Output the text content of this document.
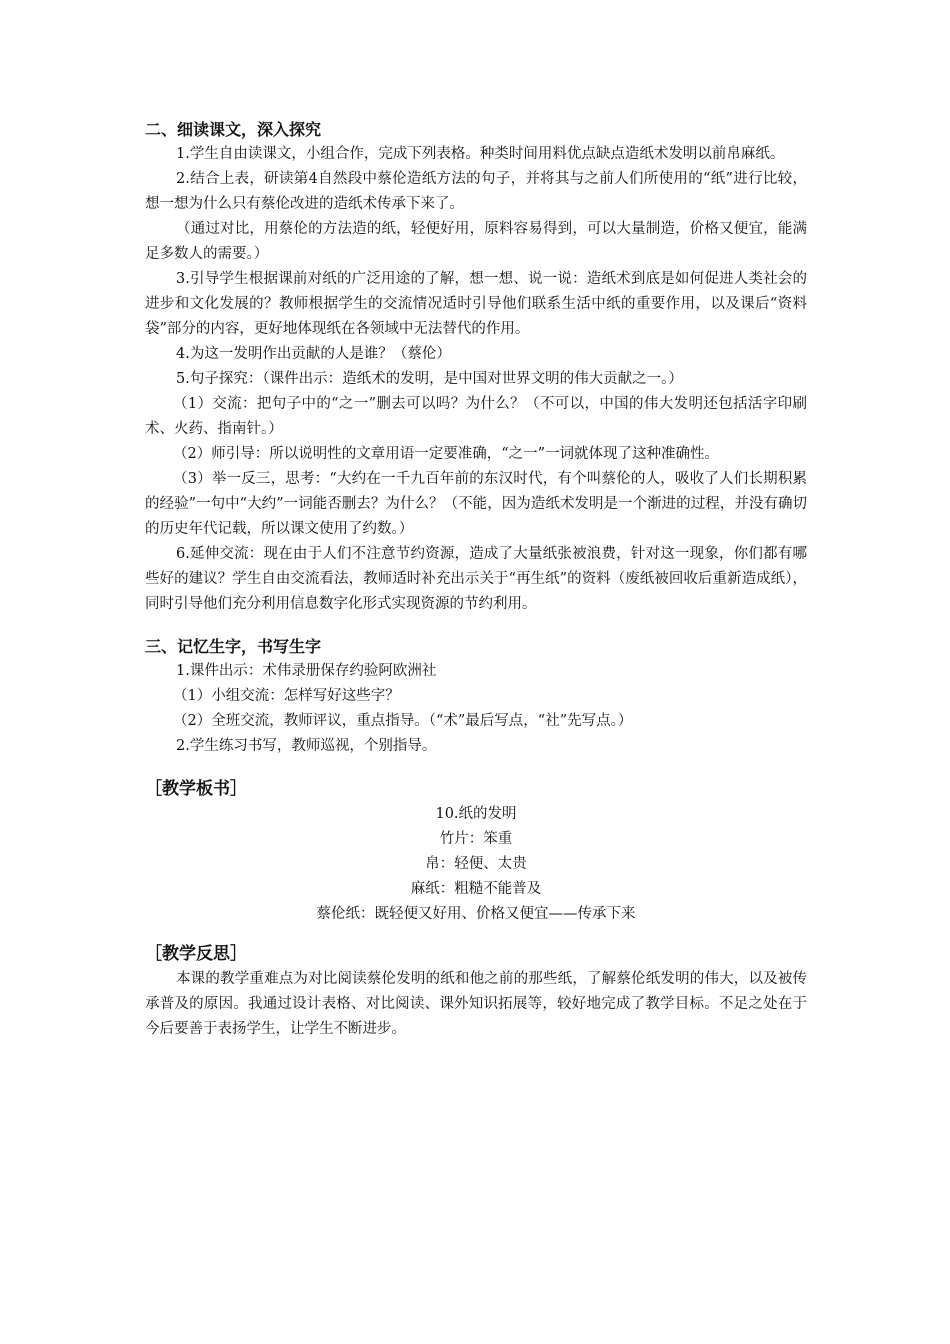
二、细读课文，深入探究

1.学生自由读课文，小组合作，完成下列表格。种类时间用料优点缺点造纸术发明以前帛麻纸。

2.结合上表，研读第4自然段中蔡伦造纸方法的句子，并将其与之前人们所使用的“纸”进行比较，想一想为什么只有蔡伦改进的造纸术传承下来了。

（通过对比，用蔡伦的方法造的纸，轻便好用，原料容易得到，可以大量制造，价格又便宜，能满足多数人的需要。）

3.引导学生根据课前对纸的广泛用途的了解，想一想、说一说：造纸术到底是如何促进人类社会的进步和文化发展的？教师根据学生的交流情况适时引导他们联系生活中纸的重要作用，以及课后“资料袋”部分的内容，更好地体现纸在各领域中无法替代的作用。

4.为这一发明作出贡献的人是谁？（蔡伦）

5.句子探究：（课件出示：造纸术的发明，是中国对世界文明的伟大贡献之一。）

（1）交流：把句子中的“之一”删去可以吗？为什么？（不可以，中国的伟大发明还包括活字印刷术、火药、指南针。）

（2）师引导：所以说明性的文章用语一定要准确，“之一”一词就体现了这种准确性。

（3）举一反三，思考：“大约在一千九百年前的东汉时代，有个叫蔡伦的人，吸收了人们长期积累的经验”一句中“大约”一词能否删去？为什么？（不能，因为造纸术发明是一个渐进的过程，并没有确切的历史年代记载，所以课文使用了约数。）

6.延伸交流：现在由于人们不注意节约资源，造成了大量纸张被浪费，针对这一现象，你们都有哪些好的建议？学生自由交流看法，教师适时补充出示关于“再生纸”的资料（废纸被回收后重新造成纸），同时引导他们充分利用信息数字化形式实现资源的节约利用。

三、记忆生字，书写生字

1.课件出示：术伟录册保存约验阿欧洲社

（1）小组交流：怎样写好这些字？

（2）全班交流，教师评议，重点指导。（“术”最后写点，“社”先写点。）

2.学生练习书写，教师巡视，个别指导。

［教学板书］

10.纸的发明

竹片：笨重

帛：轻便、太贵

麻纸：粗糙不能普及

蔡伦纸：既轻便又好用、价格又便宜——传承下来

［教学反思］

本课的教学重难点为对比阅读蔡伦发明的纸和他之前的那些纸，了解蔡伦纸发明的伟大，以及被传承普及的原因。我通过设计表格、对比阅读、课外知识拓展等，较好地完成了教学目标。不足之处在于今后要善于表扬学生，让学生不断进步。
